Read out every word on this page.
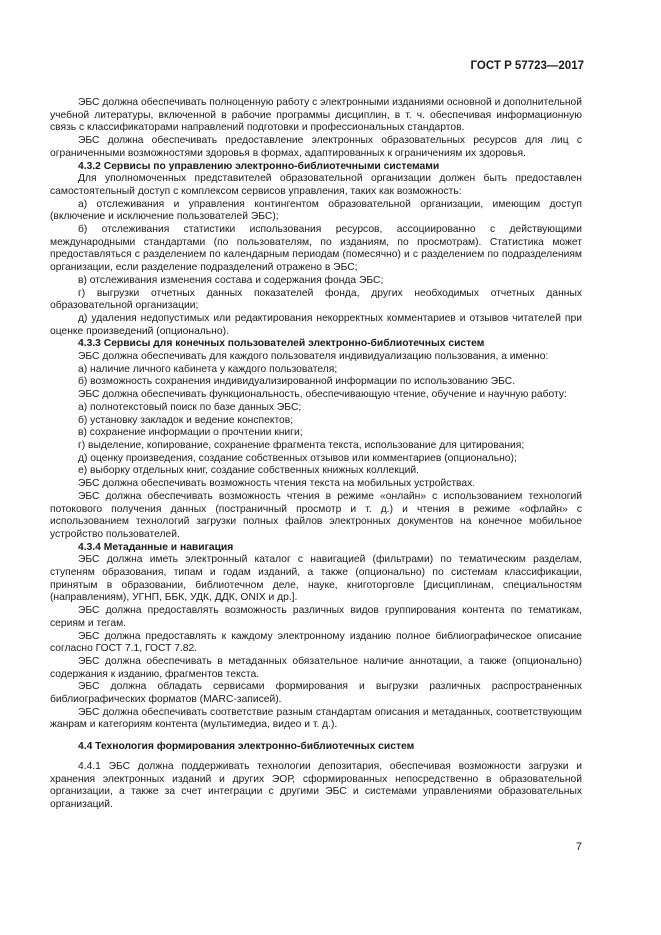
ГОСТ Р 57723—2017

ЭБС должна обеспечивать полноценную работу с электронными изданиями основной и дополнительной учебной литературы, включенной в рабочие программы дисциплин, в т. ч. обеспечивая информационную связь с классификаторами направлений подготовки и профессиональных стандартов.

ЭБС должна обеспечивать предоставление электронных образовательных ресурсов для лиц с ограниченными возможностями здоровья в формах, адаптированных к ограничениям их здоровья.

4.3.2 Сервисы по управлению электронно-библиотечными системами

Для уполномоченных представителей образовательной организации должен быть предоставлен самостоятельный доступ с комплексом сервисов управления, таких как возможность:

а) отслеживания и управления контингентом образовательной организации, имеющим доступ (включение и исключение пользователей ЭБС);

б) отслеживания статистики использования ресурсов, ассоциированно с действующими международными стандартами (по пользователям, по изданиям, по просмотрам). Статистика может предоставляться с разделением по календарным периодам (помесячно) и с разделением по подразделениям организации, если разделение подразделений отражено в ЭБС;

в) отслеживания изменения состава и содержания фонда ЭБС;

г) выгрузки отчетных данных показателей фонда, других необходимых отчетных данных образовательной организации;

д) удаления недопустимых или редактирования некорректных комментариев и отзывов читателей при оценке произведений (опционально).

4.3.3 Сервисы для конечных пользователей электронно-библиотечных систем

ЭБС должна обеспечивать для каждого пользователя индивидуализацию пользования, а именно:

а) наличие личного кабинета у каждого пользователя;

б) возможность сохранения индивидуализированной информации по использованию ЭБС.

ЭБС должна обеспечивать функциональность, обеспечивающую чтение, обучение и научную работу:

а) полнотекстовый поиск по базе данных ЭБС;

б) установку закладок и ведение конспектов;

в) сохранение информации о прочтении книги;

г) выделение, копирование, сохранение фрагмента текста, использование для цитирования;

д) оценку произведения, создание собственных отзывов или комментариев (опционально);

е) выборку отдельных книг, создание собственных книжных коллекций.

ЭБС должна обеспечивать возможность чтения текста на мобильных устройствах.

ЭБС должна обеспечивать возможность чтения в режиме «онлайн» с использованием технологий потокового получения данных (постраничный просмотр и т. д.) и чтения в режиме «офлайн» с использованием технологий загрузки полных файлов электронных документов на конечное мобильное устройство пользователей.

4.3.4 Метаданные и навигация

ЭБС должна иметь электронный каталог с навигацией (фильтрами) по тематическим разделам, ступеням образования, типам и годам изданий, а также (опционально) по системам классификации, принятым в образовании, библиотечном деле, науке, книготорговле [дисциплинам, специальностям (направлениям), УГНП, ББК, УДК, ДДК, ONIX и др.].

ЭБС должна предоставлять возможность различных видов группирования контента по тематикам, сериям и тегам.

ЭБС должна предоставлять к каждому электронному изданию полное библиографическое описание согласно ГОСТ 7.1, ГОСТ 7.82.

ЭБС должна обеспечивать в метаданных обязательное наличие аннотации, а также (опционально) содержания к изданию, фрагментов текста.

ЭБС должна обладать сервисами формирования и выгрузки различных распространенных библиографических форматов (MARC-записей).

ЭБС должна обеспечивать соответствие разным стандартам описания и метаданных, соответствующим жанрам и категориям контента (мультимедиа, видео и т. д.).

4.4 Технология формирования электронно-библиотечных систем

4.4.1 ЭБС должна поддерживать технологии депозитария, обеспечивая возможности загрузки и хранения электронных изданий и других ЭОР, сформированных непосредственно в образовательной организации, а также за счет интеграции с другими ЭБС и системами управлениями образовательных организаций.

7
